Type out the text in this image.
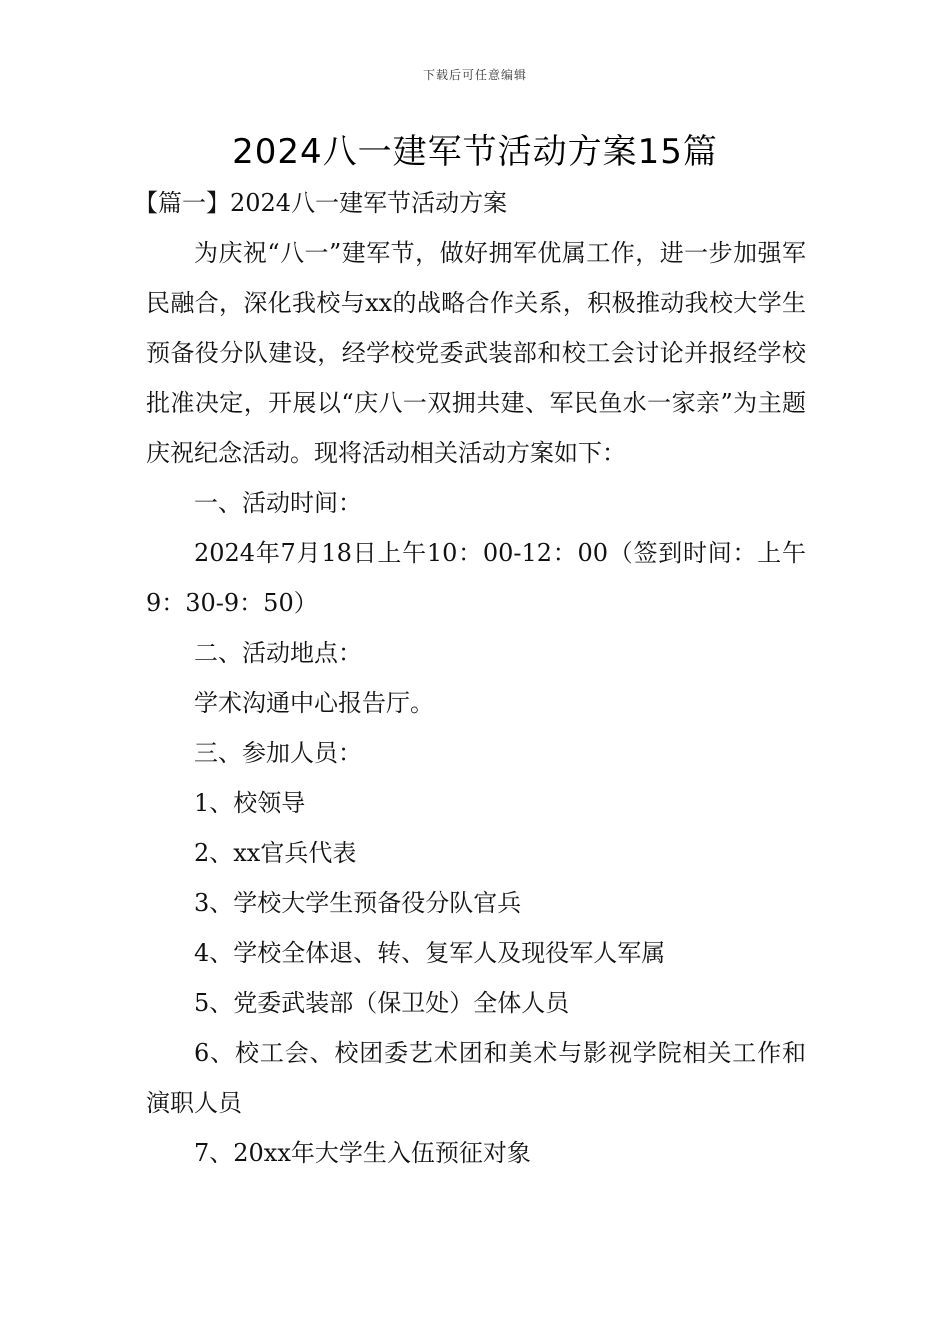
下载后可任意编辑
2024八一建军节活动方案15篇

【篇一】2024八一建军节活动方案

为庆祝“八一”建军节，做好拥军优属工作，进一步加强军民融合，深化我校与xx的战略合作关系，积极推动我校大学生预备役分队建设，经学校党委武装部和校工会讨论并报经学校批准决定，开展以“庆八一双拥共建、军民鱼水一家亲”为主题庆祝纪念活动。现将活动相关活动方案如下：

一、活动时间：

2024年7月18日上午10：00-12：00（签到时间：上午9：30-9：50）

二、活动地点：

学术沟通中心报告厅。

三、参加人员：

1、校领导

2、xx官兵代表

3、学校大学生预备役分队官兵

4、学校全体退、转、复军人及现役军人军属

5、党委武装部（保卫处）全体人员

6、校工会、校团委艺术团和美术与影视学院相关工作和演职人员

7、20xx年大学生入伍预征对象
